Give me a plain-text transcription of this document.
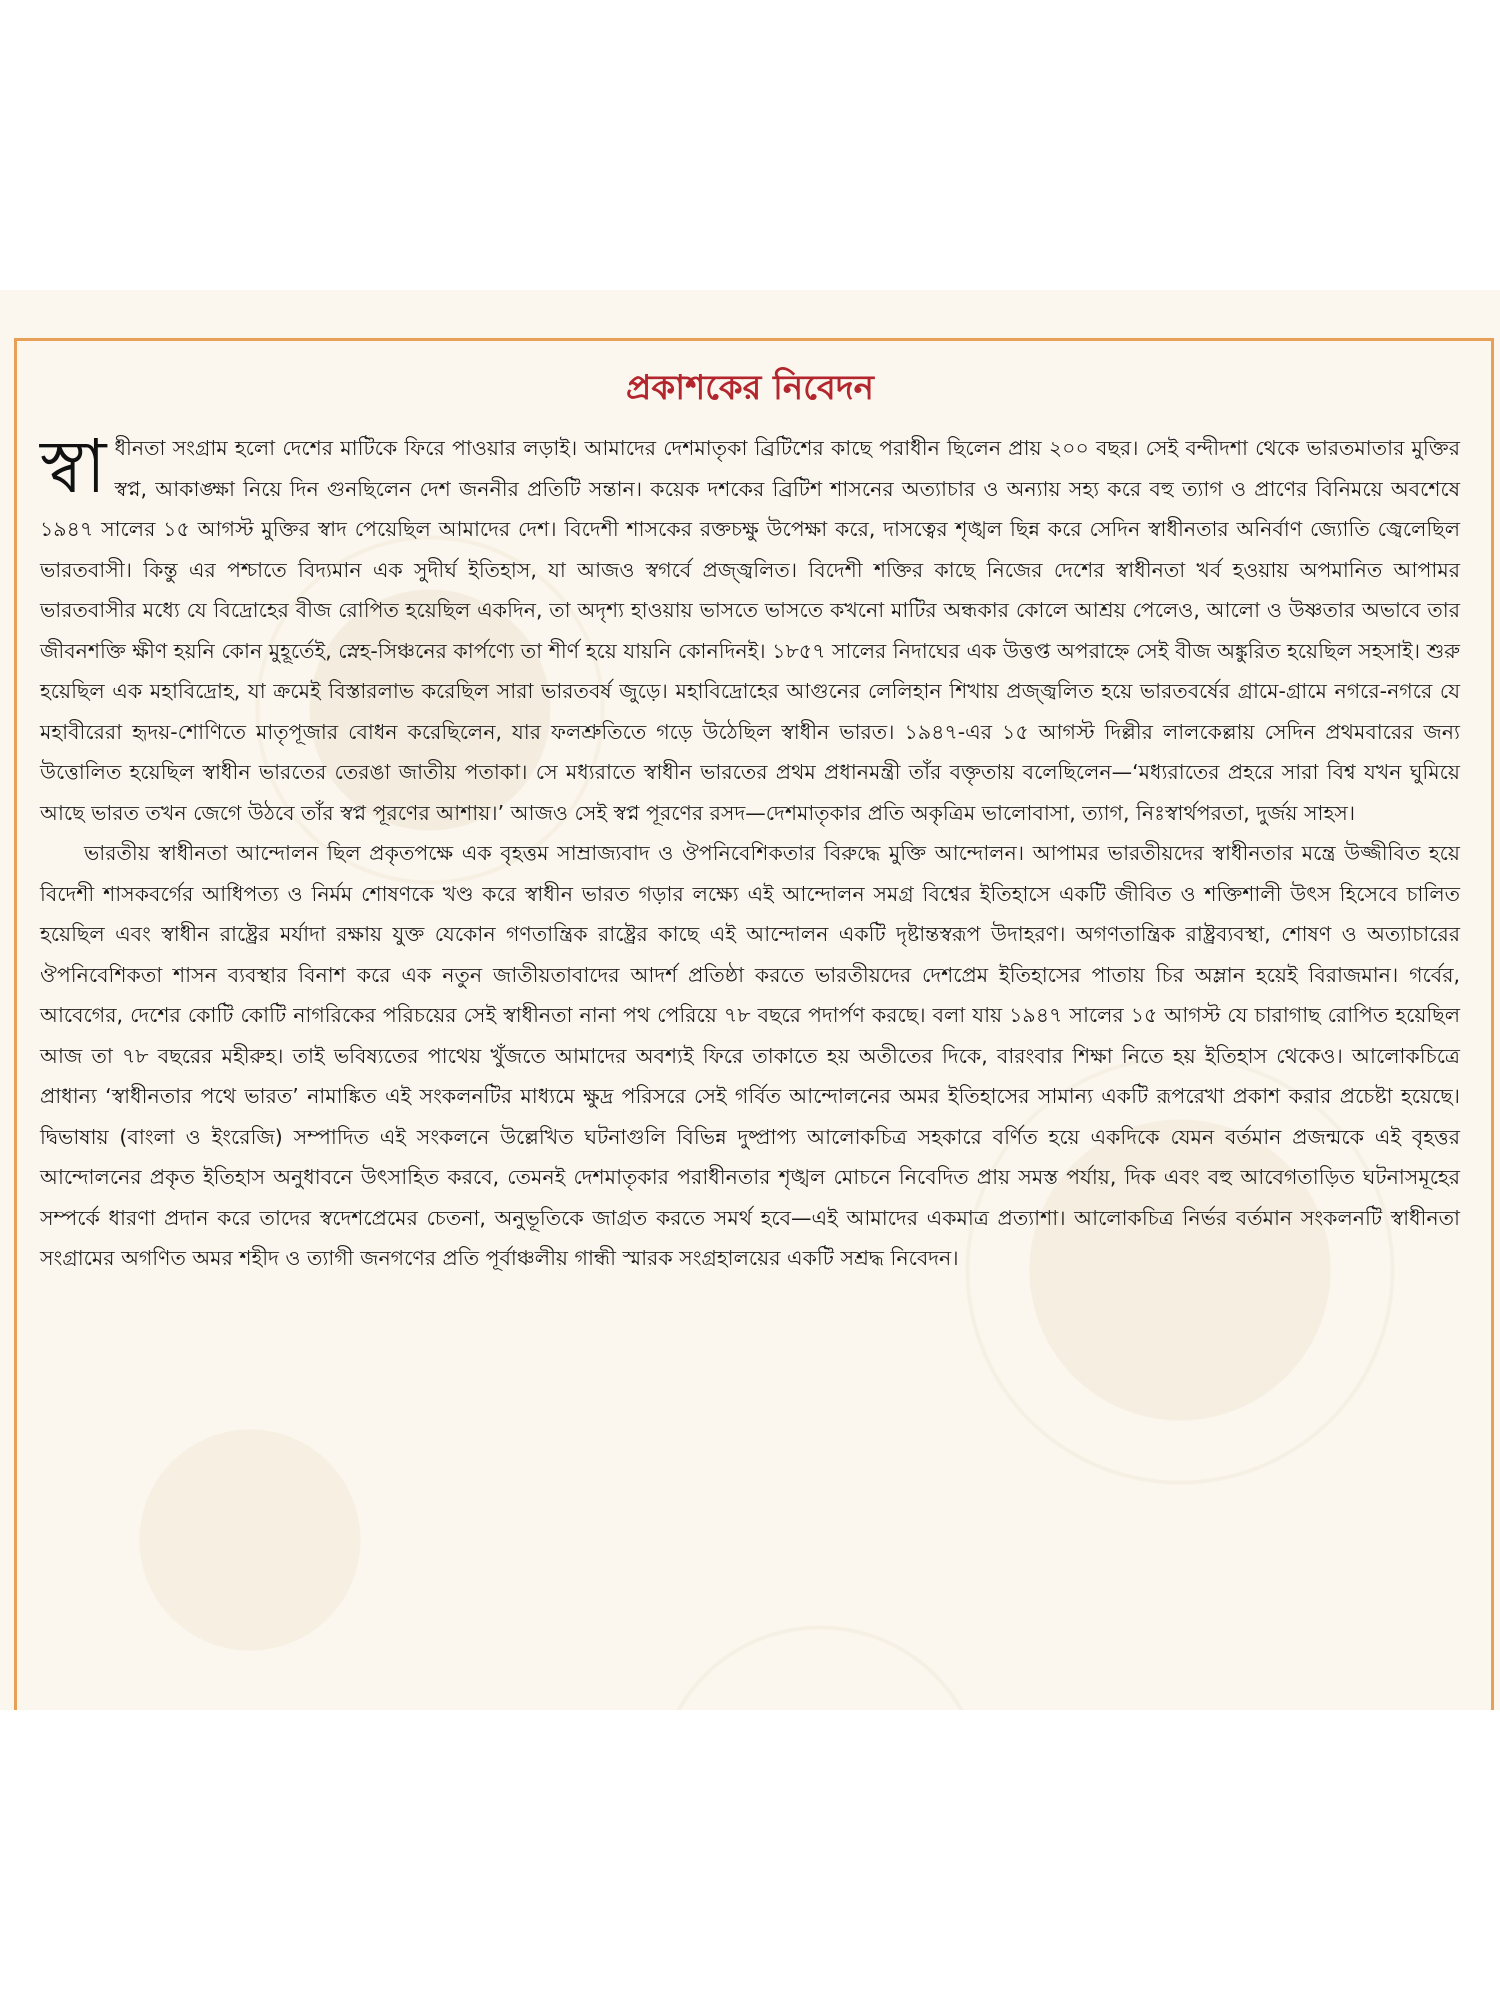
প্রকাশকের নিবেদন

স্বা ধীনতা সংগ্রাম হলো দেশের মাটিকে ফিরে পাওয়ার লড়াই। আমাদের দেশমাতৃকা ব্রিটিশের কাছে পরাধীন ছিলেন প্রায় ২০০ বছর। সেই বন্দীদশা থেকে ভারতমাতার মুক্তির স্বপ্ন, আকাঙ্ক্ষা নিয়ে দিন গুনছিলেন দেশ জননীর প্রতিটি সন্তান। কয়েক দশকের ব্রিটিশ শাসনের অত্যাচার ও অন্যায় সহ্য করে বহু ত্যাগ ও প্রাণের বিনিময়ে অবশেষে ১৯৪৭ সালের ১৫ আগস্ট মুক্তির স্বাদ পেয়েছিল আমাদের দেশ। বিদেশী শাসকের রক্তচক্ষু উপেক্ষা করে, দাসত্বের শৃঙ্খল ছিন্ন করে সেদিন স্বাধীনতার অনির্বাণ জ্যোতি জ্বেলেছিল ভারতবাসী। কিন্তু এর পশ্চাতে বিদ্যমান এক সুদীর্ঘ ইতিহাস, যা আজও স্বগর্বে প্রজ্জ্বলিত। বিদেশী শক্তির কাছে নিজের দেশের স্বাধীনতা খর্ব হওয়ায় অপমানিত আপামর ভারতবাসীর মধ্যে যে বিদ্রোহের বীজ রোপিত হয়েছিল একদিন, তা অদৃশ্য হাওয়ায় ভাসতে ভাসতে কখনো মাটির অন্ধকার কোলে আশ্রয় পেলেও, আলো ও উষ্ণতার অভাবে তার জীবনশক্তি ক্ষীণ হয়নি কোন মুহূর্তেই, স্নেহ-সিঞ্চনের কার্পণ্যে তা শীর্ণ হয়ে যায়নি কোনদিনই। ১৮৫৭ সালের নিদাঘের এক উত্তপ্ত অপরাহ্নে সেই বীজ অঙ্কুরিত হয়েছিল সহসাই। শুরু হয়েছিল এক মহাবিদ্রোহ, যা ক্রমেই বিস্তারলাভ করেছিল সারা ভারতবর্ষ জুড়ে। মহাবিদ্রোহের আগুনের লেলিহান শিখায় প্রজ্জ্বলিত হয়ে ভারতবর্ষের গ্রামে-গ্রামে নগরে-নগরে যে মহাবীরেরা হৃদয়-শোণিতে মাতৃপূজার বোধন করেছিলেন, যার ফলশ্রুতিতে গড়ে উঠেছিল স্বাধীন ভারত। ১৯৪৭-এর ১৫ আগস্ট দিল্লীর লালকেল্লায় সেদিন প্রথমবারের জন্য উত্তোলিত হয়েছিল স্বাধীন ভারতের তেরঙা জাতীয় পতাকা। সে মধ্যরাতে স্বাধীন ভারতের প্রথম প্রধানমন্ত্রী তাঁর বক্তৃতায় বলেছিলেন—‘মধ্যরাতের প্রহরে সারা বিশ্ব যখন ঘুমিয়ে আছে ভারত তখন জেগে উঠবে তাঁর স্বপ্ন পূরণের আশায়।’ আজও সেই স্বপ্ন পূরণের রসদ—দেশমাতৃকার প্রতি অকৃত্রিম ভালোবাসা, ত্যাগ, নিঃস্বার্থপরতা, দুর্জয় সাহস।

ভারতীয় স্বাধীনতা আন্দোলন ছিল প্রকৃতপক্ষে এক বৃহত্তম সাম্রাজ্যবাদ ও ঔপনিবেশিকতার বিরুদ্ধে মুক্তি আন্দোলন। আপামর ভারতীয়দের স্বাধীনতার মন্ত্রে উজ্জীবিত হয়ে বিদেশী শাসকবর্গের আধিপত্য ও নির্মম শোষণকে খণ্ড করে স্বাধীন ভারত গড়ার লক্ষ্যে এই আন্দোলন সমগ্র বিশ্বের ইতিহাসে একটি জীবিত ও শক্তিশালী উৎস হিসেবে চালিত হয়েছিল এবং স্বাধীন রাষ্ট্রের মর্যাদা রক্ষায় যুক্ত যেকোন গণতান্ত্রিক রাষ্ট্রের কাছে এই আন্দোলন একটি দৃষ্টান্তস্বরূপ উদাহরণ। অগণতান্ত্রিক রাষ্ট্রব্যবস্থা, শোষণ ও অত্যাচারের ঔপনিবেশিকতা শাসন ব্যবস্থার বিনাশ করে এক নতুন জাতীয়তাবাদের আদর্শ প্রতিষ্ঠা করতে ভারতীয়দের দেশপ্রেম ইতিহাসের পাতায় চির অম্লান হয়েই বিরাজমান। গর্বের, আবেগের, দেশের কোটি কোটি নাগরিকের পরিচয়ের সেই স্বাধীনতা নানা পথ পেরিয়ে ৭৮ বছরে পদার্পণ করছে। বলা যায় ১৯৪৭ সালের ১৫ আগস্ট যে চারাগাছ রোপিত হয়েছিল আজ তা ৭৮ বছরের মহীরুহ। তাই ভবিষ্যতের পাথেয় খুঁজতে আমাদের অবশ্যই ফিরে তাকাতে হয় অতীতের দিকে, বারংবার শিক্ষা নিতে হয় ইতিহাস থেকেও। আলোকচিত্রে প্রাধান্য ‘স্বাধীনতার পথে ভারত’ নামাঙ্কিত এই সংকলনটির মাধ্যমে ক্ষুদ্র পরিসরে সেই গর্বিত আন্দোলনের অমর ইতিহাসের সামান্য একটি রূপরেখা প্রকাশ করার প্রচেষ্টা হয়েছে। দ্বিভাষায় (বাংলা ও ইংরেজি) সম্পাদিত এই সংকলনে উল্লেখিত ঘটনাগুলি বিভিন্ন দুষ্প্রাপ্য আলোকচিত্র সহকারে বর্ণিত হয়ে একদিকে যেমন বর্তমান প্রজন্মকে এই বৃহত্তর আন্দোলনের প্রকৃত ইতিহাস অনুধাবনে উৎসাহিত করবে, তেমনই দেশমাতৃকার পরাধীনতার শৃঙ্খল মোচনে নিবেদিত প্রায় সমস্ত পর্যায়, দিক এবং বহু আবেগতাড়িত ঘটনাসমূহের সম্পর্কে ধারণা প্রদান করে তাদের স্বদেশপ্রেমের চেতনা, অনুভূতিকে জাগ্রত করতে সমর্থ হবে—এই আমাদের একমাত্র প্রত্যাশা। আলোকচিত্র নির্ভর বর্তমান সংকলনটি স্বাধীনতা সংগ্রামের অগণিত অমর শহীদ ও ত্যাগী জনগণের প্রতি পূর্বাঞ্চলীয় গান্ধী স্মারক সংগ্রহালয়ের একটি সশ্রদ্ধ নিবেদন।
